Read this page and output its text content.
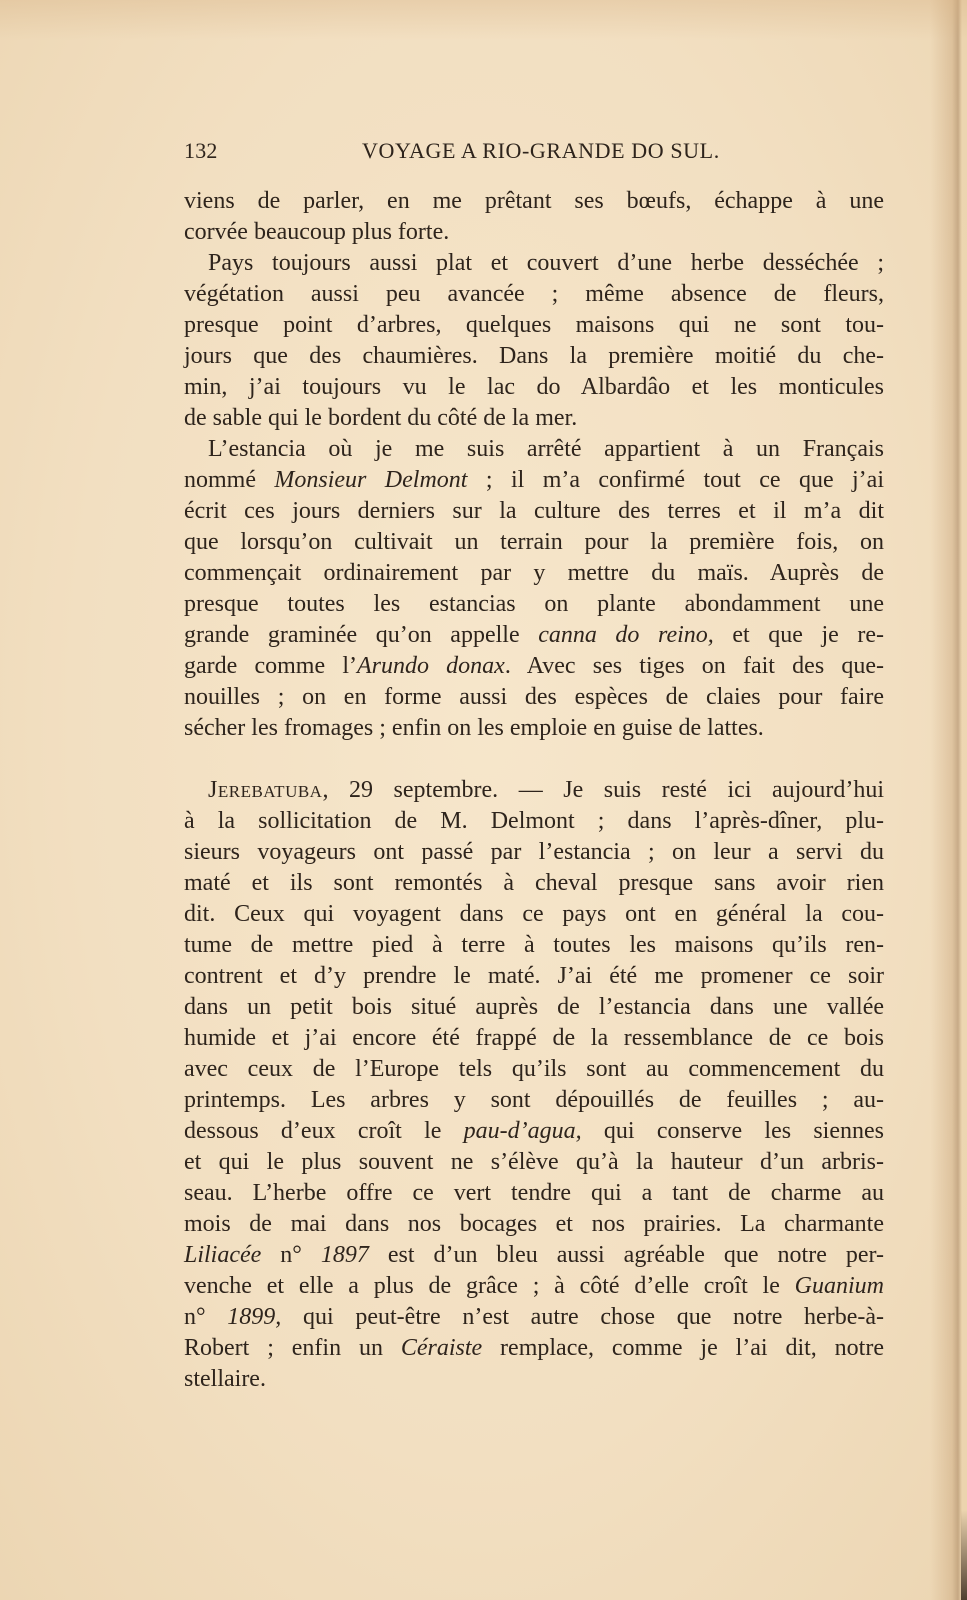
132	VOYAGE A RIO-GRANDE DO SUL.
viens de parler, en me prêtant ses bœufs, échappe à une
corvée beaucoup plus forte.
Pays toujours aussi plat et couvert d’une herbe desséchée ;
végétation aussi peu avancée ; même absence de fleurs,
presque point d’arbres, quelques maisons qui ne sont tou-
jours que des chaumières. Dans la première moitié du che-
min, j’ai toujours vu le lac do Albardâo et les monticules
de sable qui le bordent du côté de la mer.
L’estancia où je me suis arrêté appartient à un Français
nommé Monsieur Delmont ; il m’a confirmé tout ce que j’ai
écrit ces jours derniers sur la culture des terres et il m’a dit
que lorsqu’on cultivait un terrain pour la première fois, on
commençait ordinairement par y mettre du maïs. Auprès de
presque toutes les estancias on plante abondamment une
grande graminée qu’on appelle canna do reino, et que je re-
garde comme l’Arundo donax. Avec ses tiges on fait des que-
nouilles ; on en forme aussi des espèces de claies pour faire
sécher les fromages ; enfin on les emploie en guise de lattes.
Jerebatuba, 29 septembre. — Je suis resté ici aujourd’hui
à la sollicitation de M. Delmont ; dans l’après-dîner, plu-
sieurs voyageurs ont passé par l’estancia ; on leur a servi du
maté et ils sont remontés à cheval presque sans avoir rien
dit. Ceux qui voyagent dans ce pays ont en général la cou-
tume de mettre pied à terre à toutes les maisons qu’ils ren-
contrent et d’y prendre le maté. J’ai été me promener ce soir
dans un petit bois situé auprès de l’estancia dans une vallée
humide et j’ai encore été frappé de la ressemblance de ce bois
avec ceux de l’Europe tels qu’ils sont au commencement du
printemps. Les arbres y sont dépouillés de feuilles ; au-
dessous d’eux croît le pau-d’agua, qui conserve les siennes
et qui le plus souvent ne s’élève qu’à la hauteur d’un arbris-
seau. L’herbe offre ce vert tendre qui a tant de charme au
mois de mai dans nos bocages et nos prairies. La charmante
Liliacée n° 1897 est d’un bleu aussi agréable que notre per-
venche et elle a plus de grâce ; à côté d’elle croît le Guanium
n° 1899, qui peut-être n’est autre chose que notre herbe-à-
Robert ; enfin un Céraiste remplace, comme je l’ai dit, notre
stellaire.
